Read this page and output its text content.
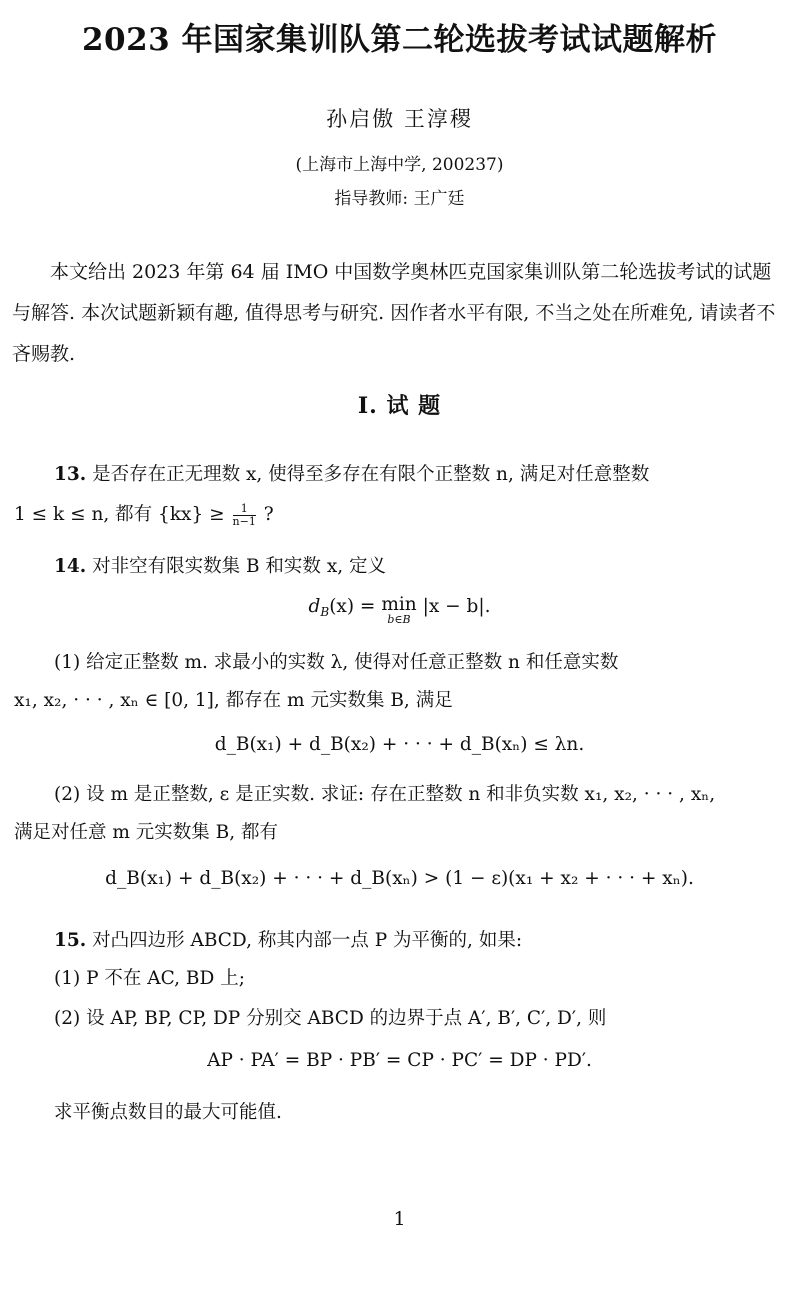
2023 年国家集训队第二轮选拔考试试题解析
孙启傲 王淳稷
(上海市上海中学, 200237)
指导教师: 王广廷
本文给出 2023 年第 64 届 IMO 中国数学奥林匹克国家集训队第二轮选拔考试的试题与解答. 本次试题新颖有趣, 值得思考与研究. 因作者水平有限, 不当之处在所难免, 请读者不吝赐教.
I. 试 题
13. 是否存在正无理数 x, 使得至多存在有限个正整数 n, 满足对任意整数
1 ≤ k ≤ n, 都有 $\{kx\} \ge \frac{1}{n-1}$ ?
14. 对非空有限实数集 B 和实数 x, 定义
$d_B(x) = \min$
b∈B
|x − b|.
(1) 给定正整数 m. 求最小的实数 λ, 使得对任意正整数 n 和任意实数
x₁, x₂, · · · , xₙ ∈ [0, 1], 都存在 m 元实数集 B, 满足
d_B(x₁) + d_B(x₂) + · · · + d_B(xₙ) ≤ λn.
(2) 设 m 是正整数, ε 是正实数. 求证: 存在正整数 n 和非负实数 x₁, x₂, · · · , xₙ,
满足对任意 m 元实数集 B, 都有
d_B(x₁) + d_B(x₂) + · · · + d_B(xₙ) > (1 − ε)(x₁ + x₂ + · · · + xₙ).
15. 对凸四边形 ABCD, 称其内部一点 P 为平衡的, 如果:
(1) P 不在 AC, BD 上;
(2) 设 AP, BP, CP, DP 分别交 ABCD 的边界于点 A′, B′, C′, D′, 则
AP · PA′ = BP · PB′ = CP · PC′ = DP · PD′.
求平衡点数目的最大可能值.
1
